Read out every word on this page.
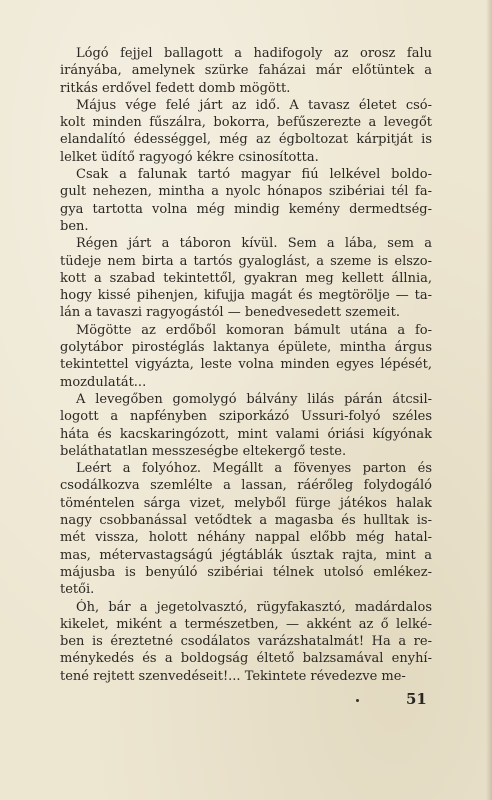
Lógó fejjel ballagott a hadifogoly az orosz falu
irányába, amelynek szürke faházai már előtüntek a
ritkás erdővel fedett domb mögött.

Május vége felé járt az idő. A tavasz életet csó-
kolt minden fűszálra, bokorra, befűszerezte a levegőt
elandalító édességgel, még az égboltozat kárpitját is
lelket üdítő ragyogó kékre csinosította.

Csak a falunak tartó magyar fiú lelkével boldo-
gult nehezen, mintha a nyolc hónapos szibériai tél fa-
gya tartotta volna még mindig kemény dermedtség-
ben.

Régen járt a táboron kívül. Sem a lába, sem a
tüdeje nem birta a tartós gyaloglást, a szeme is elszo-
kott a szabad tekintettől, gyakran meg kellett állnia,
hogy kissé pihenjen, kifujja magát és megtörölje — ta-
lán a tavaszi ragyogástól — benedvesedett szemeit.

Mögötte az erdőből komoran bámult utána a fo-
golytábor pirostéglás laktanya épülete, mintha árgus
tekintettel vigyázta, leste volna minden egyes lépését,
mozdulatát...

A levegőben gomolygó bálvány lilás párán átcsil-
logott a napfényben sziporkázó Ussuri-folyó széles
háta és kacskaringózott, mint valami óriási kígyónak
beláthatatlan messzeségbe eltekergő teste.

Leért a folyóhoz. Megállt a fövenyes parton és
csodálkozva szemlélte a lassan, ráérőleg folydogáló
töméntelen sárga vizet, melyből fürge játékos halak
nagy csobbanással vetődtek a magasba és hulltak is-
mét vissza, holott néhány nappal előbb még hatal-
mas, métervastagságú jégtáblák úsztak rajta, mint a
májusba is benyúló szibériai télnek utolsó emlékez-
tetői.

Óh, bár a jegetolvasztó, rügyfakasztó, madárdalos
kikelet, miként a természetben, — akként az ő lelké-
ben is éreztetné csodálatos varázshatalmát! Ha a re-
ménykedés és a boldogság éltető balzsamával enyhí-
tené rejtett szenvedéseit!... Tekintete révedezve me-

51
